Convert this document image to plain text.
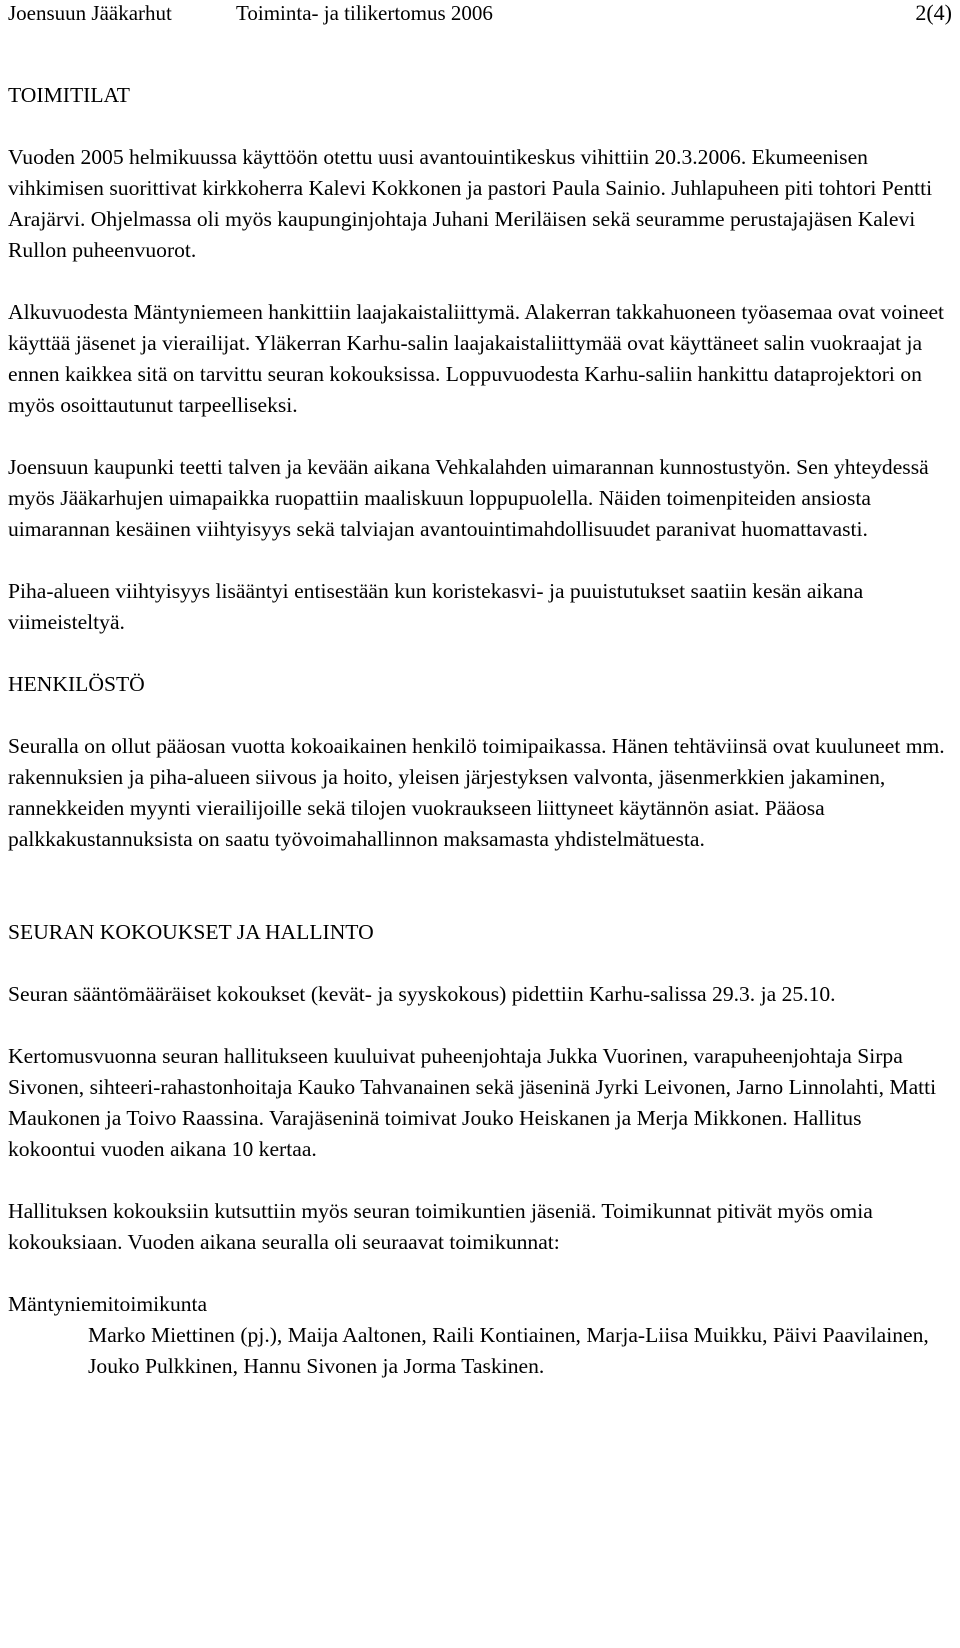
Joensuun Jääkarhut	Toiminta- ja tilikertomus 2006	2(4)
TOIMITILAT

Vuoden 2005 helmikuussa käyttöön otettu uusi avantouintikeskus vihittiin 20.3.2006. Ekumeenisen vihkimisen suorittivat kirkkoherra Kalevi Kokkonen ja pastori Paula Sainio. Juhlapuheen piti tohtori Pentti Arajärvi. Ohjelmassa oli myös kaupunginjohtaja Juhani Meriläisen sekä seuramme perustajajäsen Kalevi Rullon puheenvuorot.

Alkuvuodesta Mäntyniemeen hankittiin laajakaistaliittymä. Alakerran takkahuoneen työasemaa ovat voineet käyttää jäsenet ja vierailijat. Yläkerran Karhu-salin laajakaistaliittymää ovat käyttäneet salin vuokraajat ja ennen kaikkea sitä on tarvittu seuran kokouksissa. Loppuvuodesta Karhu-saliin hankittu dataprojektori on myös osoittautunut tarpeelliseksi.

Joensuun kaupunki teetti talven ja kevään aikana Vehkalahden uimarannan kunnostustyön. Sen yhteydessä myös Jääkarhujen uimapaikka ruopattiin maaliskuun loppupuolella. Näiden toimenpiteiden ansiosta uimarannan kesäinen viihtyisyys sekä talviajan avantouintimahdollisuudet paranivat huomattavasti.

Piha-alueen viihtyisyys lisääntyi entisestään kun koristekasvi- ja puuistutukset saatiin kesän aikana viimeisteltyä.

HENKILÖSTÖ

Seuralla on ollut pääosan vuotta kokoaikainen henkilö toimipaikassa. Hänen tehtäviinsä ovat kuuluneet mm. rakennuksien ja piha-alueen siivous ja hoito, yleisen järjestyksen valvonta, jäsenmerkkien jakaminen, rannekkeiden myynti vierailijoille sekä tilojen vuokraukseen liittyneet käytännön asiat. Pääosa palkkakustannuksista on saatu työvoimahallinnon maksamasta yhdistelmätuesta.

SEURAN KOKOUKSET JA HALLINTO

Seuran sääntömääräiset kokoukset (kevät- ja syyskokous) pidettiin Karhu-salissa 29.3. ja 25.10.

Kertomusvuonna seuran hallitukseen kuuluivat puheenjohtaja Jukka Vuorinen, varapuheenjohtaja Sirpa Sivonen, sihteeri-rahastonhoitaja Kauko Tahvanainen sekä jäseninä Jyrki Leivonen, Jarno Linnolahti, Matti Maukonen ja Toivo Raassina. Varajäseninä toimivat Jouko Heiskanen ja Merja Mikkonen. Hallitus kokoontui vuoden aikana 10 kertaa.

Hallituksen kokouksiin kutsuttiin myös seuran toimikuntien jäseniä. Toimikunnat pitivät myös omia kokouksiaan. Vuoden aikana seuralla oli seuraavat toimikunnat:

Mäntyniemitoimikunta

Marko Miettinen (pj.), Maija Aaltonen, Raili Kontiainen, Marja-Liisa Muikku, Päivi Paavilainen, Jouko Pulkkinen, Hannu Sivonen ja Jorma Taskinen.
